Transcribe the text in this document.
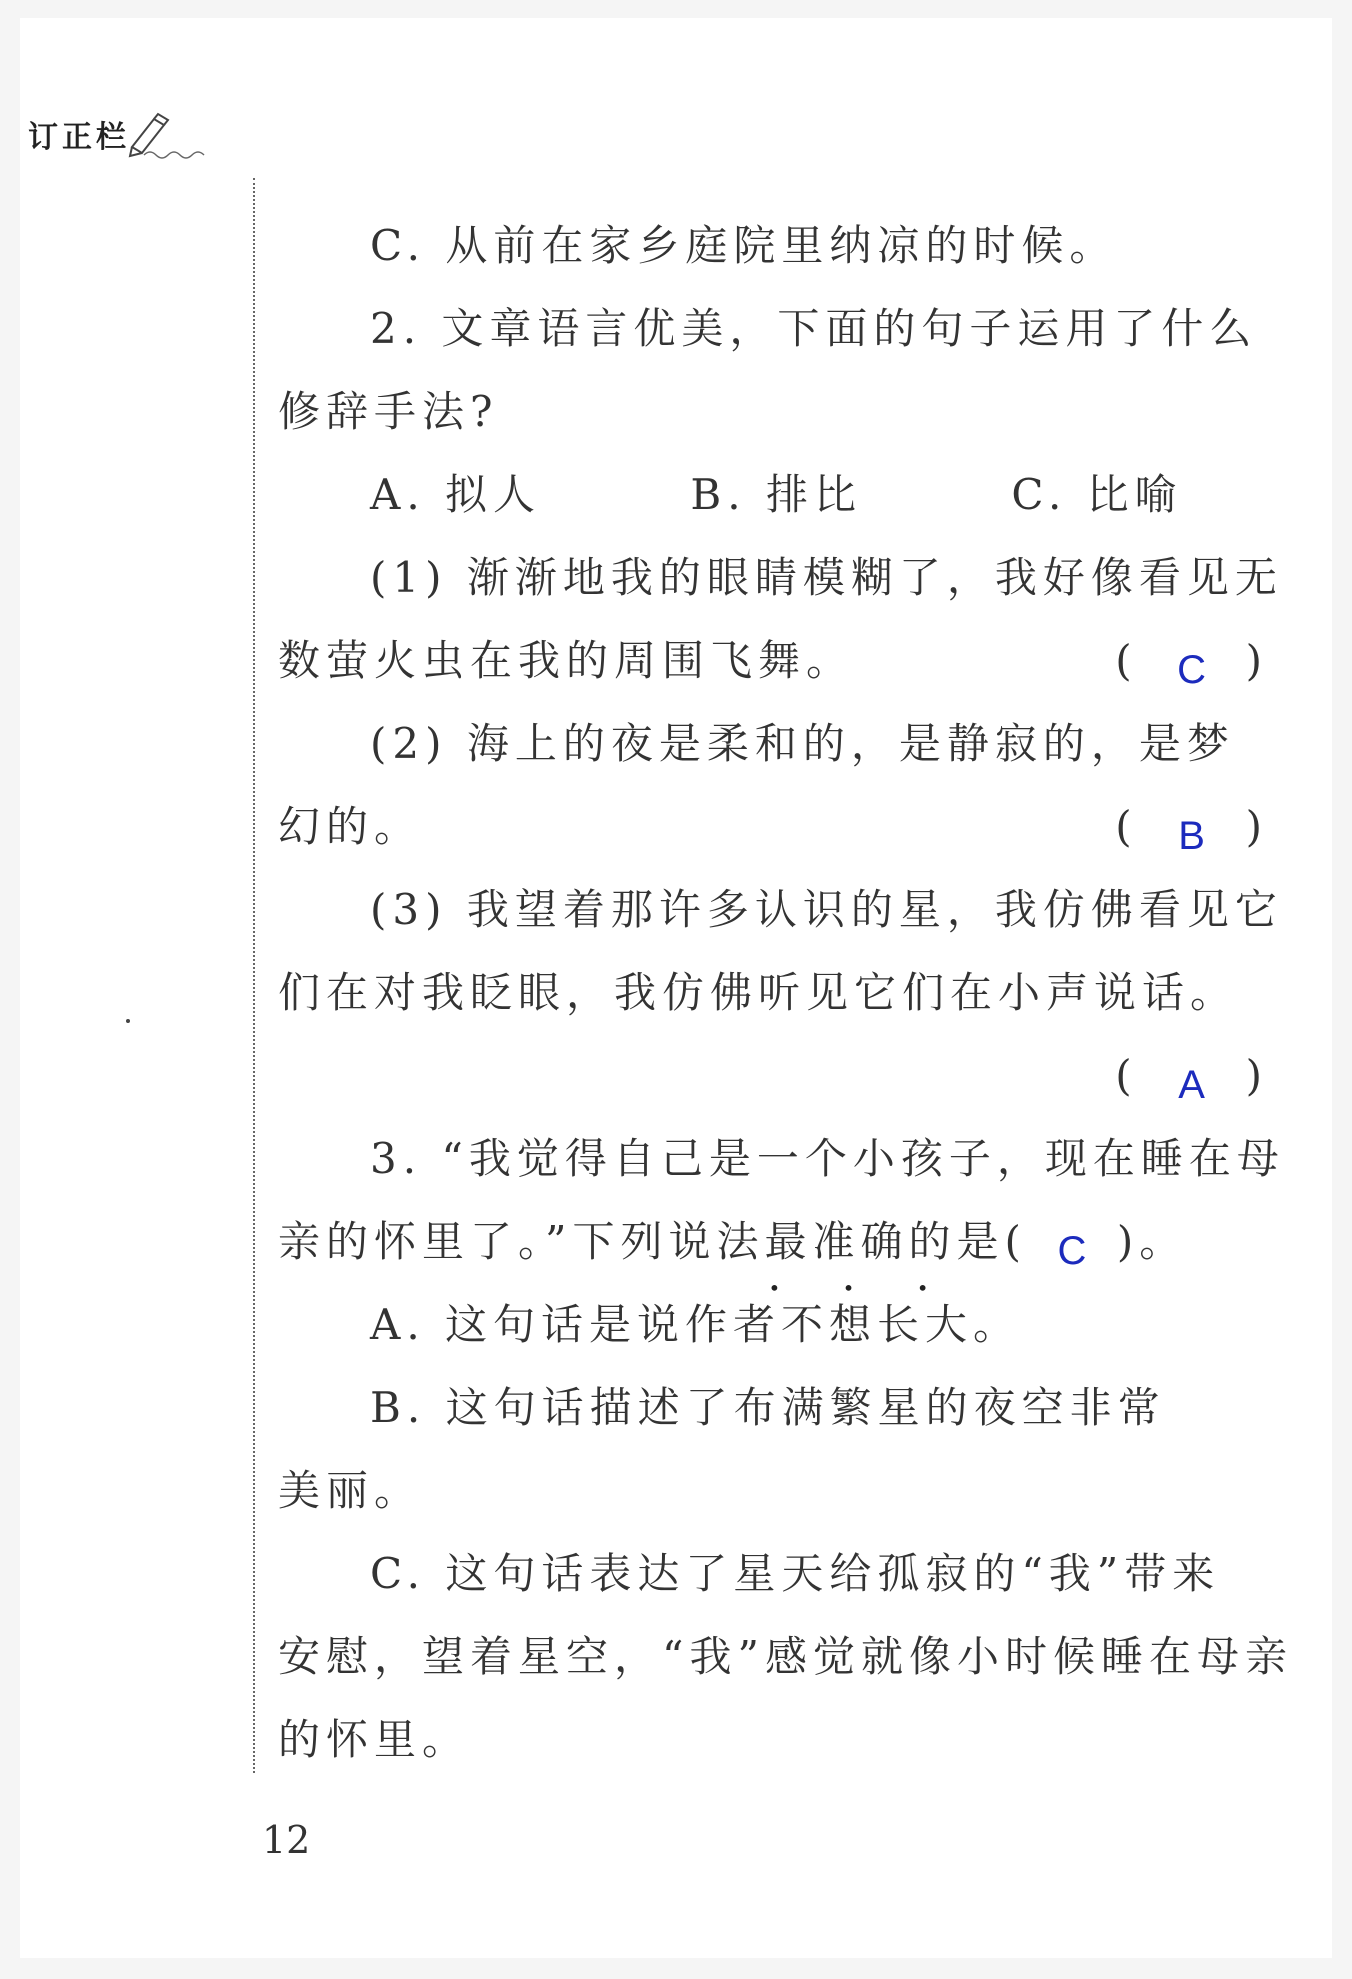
订正栏
C. 从前在家乡庭院里纳凉的时候。
2. 文章语言优美，下面的句子运用了什么
修辞手法?
A. 拟人	B. 排比	C. 比喻
(1) 渐渐地我的眼睛模糊了，我好像看见无
数萤火虫在我的周围飞舞。	( C )
(2) 海上的夜是柔和的，是静寂的，是梦
幻的。	( B )
(3) 我望着那许多认识的星，我仿佛看见它
们在对我眨眼，我仿佛听见它们在小声说话。
( A )
3. “我觉得自己是一个小孩子，现在睡在母
亲的怀里了。”下列说法最准确 • • •的是( C )。
A. 这句话是说作者不想长大。
B. 这句话描述了布满繁星的夜空非常
美丽。
C. 这句话表达了星天给孤寂的“我”带来
安慰，望着星空，“我”感觉就像小时候睡在母亲
的怀里。
12
